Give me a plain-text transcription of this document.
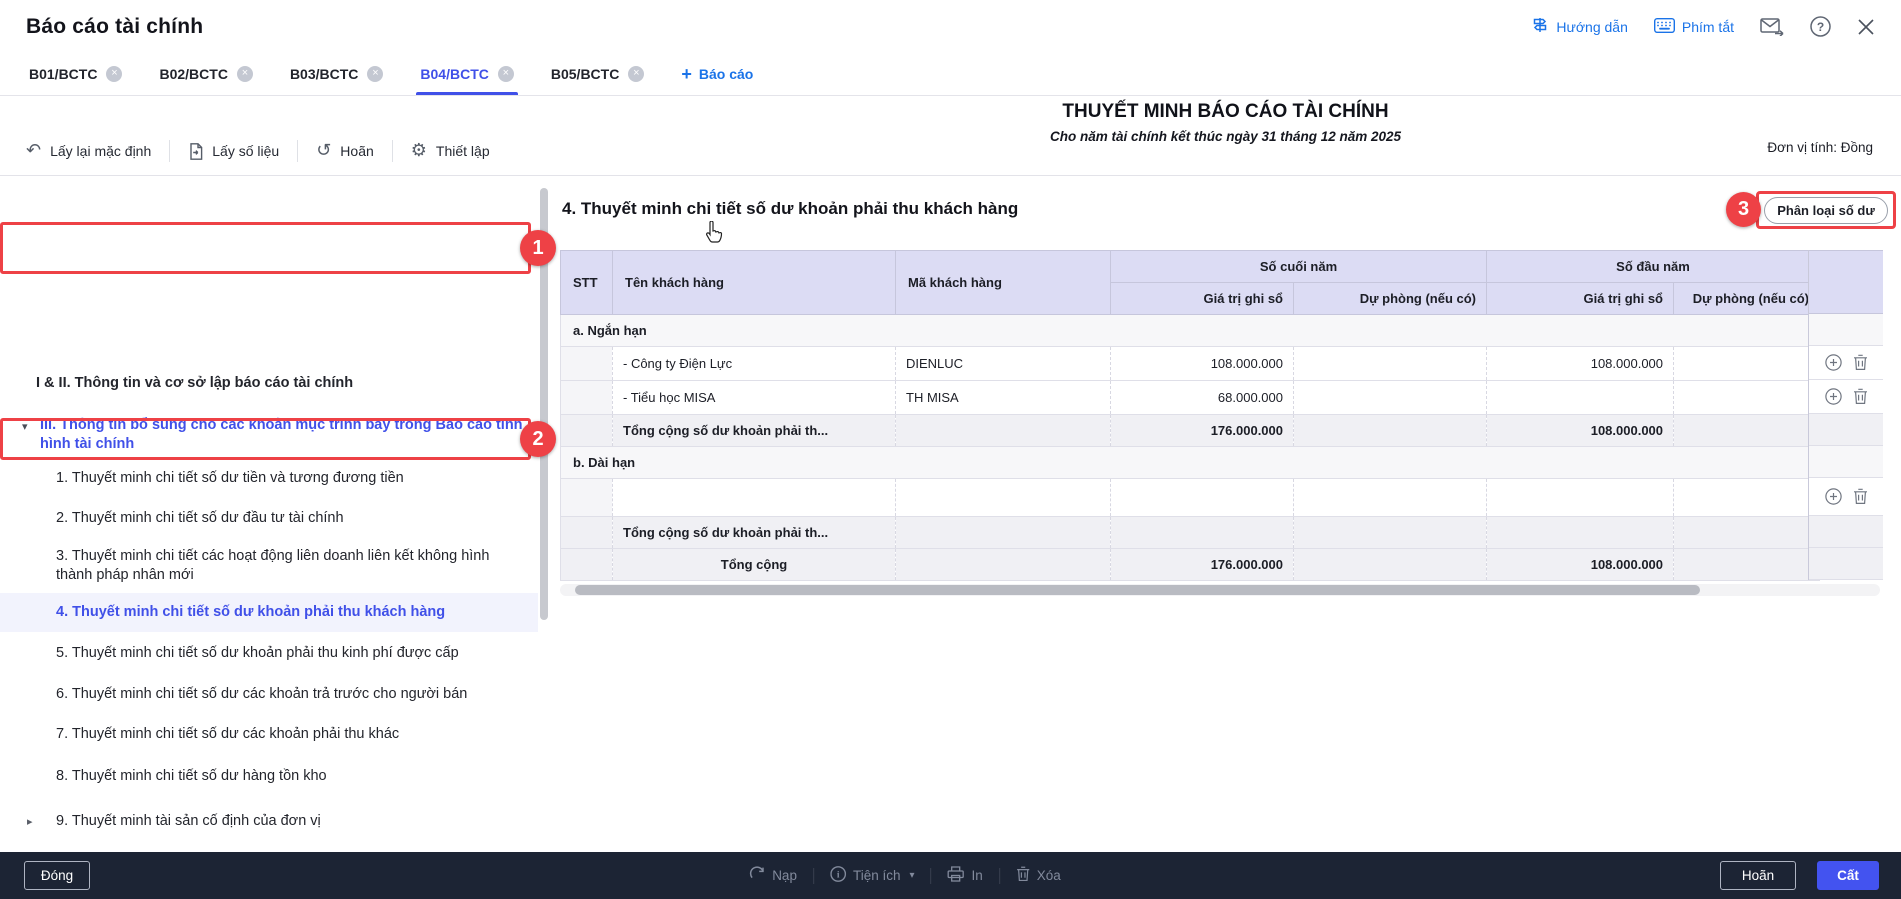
Báo cáo tài chính	Hướng dẫn	Phím tắt	?
B01/BCTC ×	B02/BCTC ×	B03/BCTC ×	B04/BCTC ×	B05/BCTC ×	+ Báo cáo
↶ Lấy lại mặc định	Lấy số liệu ↺ Hoãn ⚙ Thiết lập
THUYẾT MINH BÁO CÁO TÀI CHÍNH
Cho năm tài chính kết thúc ngày 31 tháng 12 năm 2025
Đơn vị tính: Đồng
I & II. Thông tin và cơ sở lập báo cáo tài chính
▾ III. Thông tin bổ sung cho các khoản mục trình bày trong Báo cáo tình hình tài chính
1. Thuyết minh chi tiết số dư tiền và tương đương tiền
2. Thuyết minh chi tiết số dư đầu tư tài chính
3. Thuyết minh chi tiết các hoạt động liên doanh liên kết không hình thành pháp nhân mới
4. Thuyết minh chi tiết số dư khoản phải thu khách hàng
5. Thuyết minh chi tiết số dư khoản phải thu kinh phí được cấp
6. Thuyết minh chi tiết số dư các khoản trả trước cho người bán
7. Thuyết minh chi tiết số dư các khoản phải thu khác
8. Thuyết minh chi tiết số dư hàng tồn kho
▸ 9. Thuyết minh tài sản cố định của đơn vị
4. Thuyết minh chi tiết số dư khoản phải thu khách hàng	Phân loại số dư
STT	Tên khách hàng	Mã khách hàng	Số cuối năm		Số đầu năm	
			Giá trị ghi sổ	Dự phòng (nếu có)	Giá trị ghi sổ	Dự phòng (nếu có)
a. Ngắn hạn						
	- Công ty Điện Lực	DIENLUC	108.000.000		108.000.000	
	- Tiểu học MISA	TH MISA	68.000.000			
	Tổng cộng số dư khoản phải th...		176.000.000		108.000.000	
b. Dài hạn						

	Tổng cộng số dư khoản phải th...					
	Tổng cộng		176.000.000		108.000.000	
1
2
3
Đóng	Nạp	i Tiện ích ▾	In	Xóa	Hoãn	Cất
